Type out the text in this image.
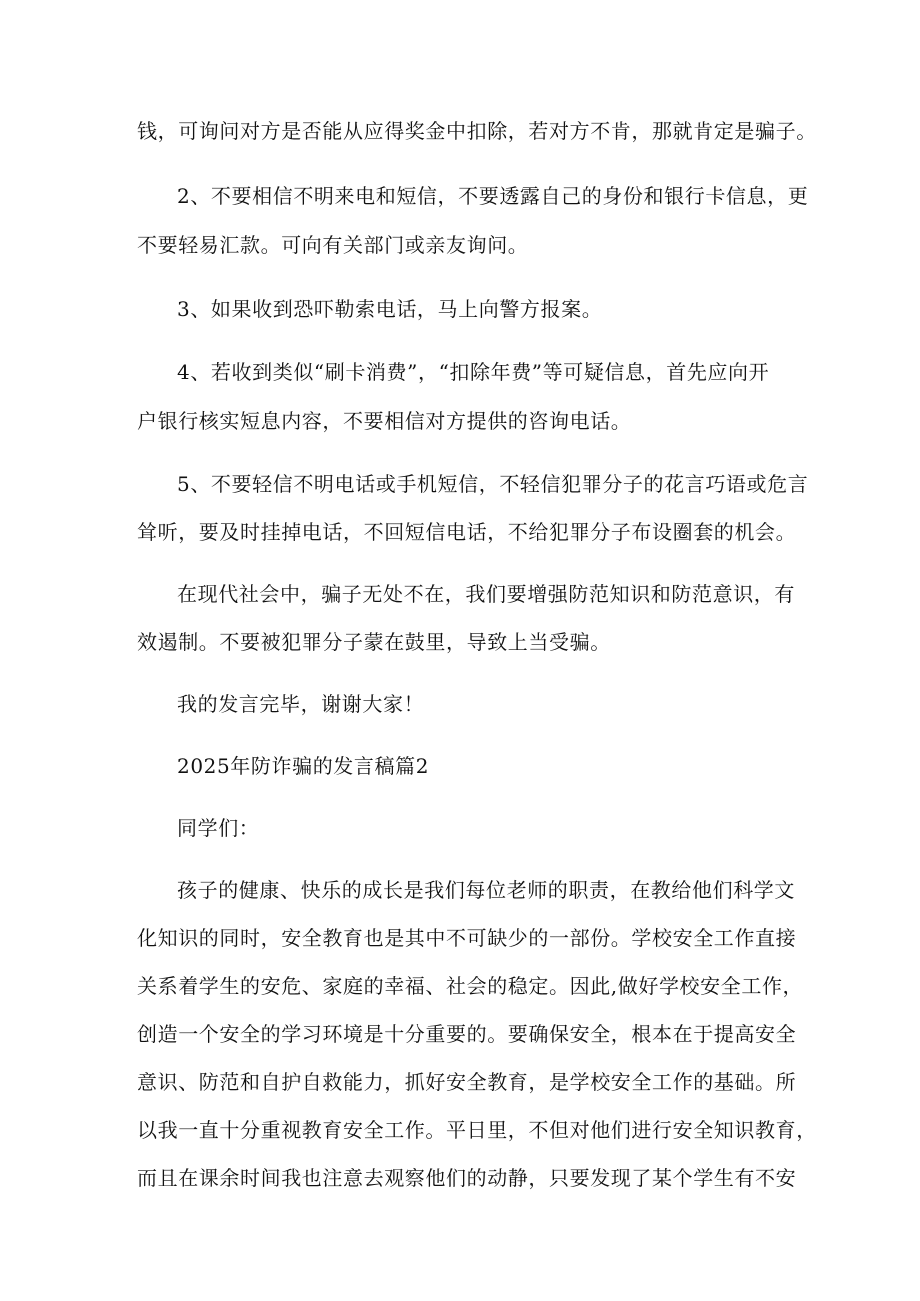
钱，可询问对方是否能从应得奖金中扣除，若对方不肯，那就肯定是骗子。
2、不要相信不明来电和短信，不要透露自己的身份和银行卡信息，更
不要轻易汇款。可向有关部门或亲友询问。
3、如果收到恐吓勒索电话，马上向警方报案。
4、若收到类似“刷卡消费”，“扣除年费”等可疑信息，首先应向开
户银行核实短息内容，不要相信对方提供的咨询电话。
5、不要轻信不明电话或手机短信，不轻信犯罪分子的花言巧语或危言
耸听，要及时挂掉电话，不回短信电话，不给犯罪分子布设圈套的机会。
在现代社会中，骗子无处不在，我们要增强防范知识和防范意识，有
效遏制。不要被犯罪分子蒙在鼓里，导致上当受骗。
我的发言完毕，谢谢大家！
2025年防诈骗的发言稿篇2
同学们：
孩子的健康、快乐的成长是我们每位老师的职责，在教给他们科学文
化知识的同时，安全教育也是其中不可缺少的一部份。学校安全工作直接
关系着学生的安危、家庭的幸福、社会的稳定。因此,做好学校安全工作，
创造一个安全的学习环境是十分重要的。要确保安全，根本在于提高安全
意识、防范和自护自救能力，抓好安全教育，是学校安全工作的基础。所
以我一直十分重视教育安全工作。平日里，不但对他们进行安全知识教育，
而且在课余时间我也注意去观察他们的动静，只要发现了某个学生有不安
